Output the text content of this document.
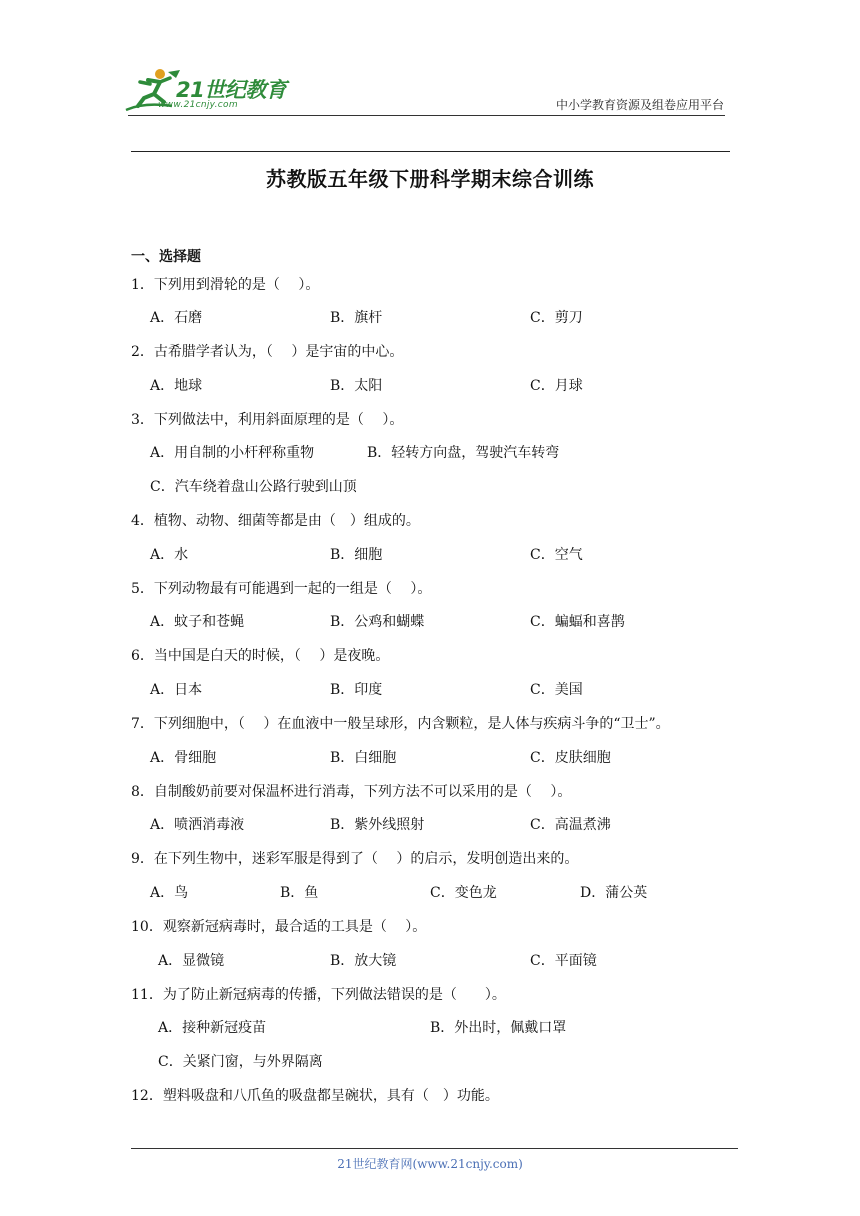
21世纪教育
www.21cnjy.com	中小学教育资源及组卷应用平台
苏教版五年级下册科学期末综合训练
一、选择题
1．下列用到滑轮的是（　 ）。
A．石磨	B．旗杆	C．剪刀
2．古希腊学者认为，（　 ）是宇宙的中心。
A．地球	B．太阳	C．月球
3．下列做法中，利用斜面原理的是（　 ）。
A．用自制的小杆秤称重物	B．轻转方向盘，驾驶汽车转弯
C．汽车绕着盘山公路行驶到山顶
4．植物、动物、细菌等都是由（　）组成的。
A．水	B．细胞	C．空气
5．下列动物最有可能遇到一起的一组是（　 ）。
A．蚊子和苍蝇	B．公鸡和蝴蝶	C．蝙蝠和喜鹊
6．当中国是白天的时候，（　 ）是夜晚。
A．日本	B．印度	C．美国
7．下列细胞中，（　 ）在血液中一般呈球形，内含颗粒，是人体与疾病斗争的“卫士”。
A．骨细胞	B．白细胞	C．皮肤细胞
8．自制酸奶前要对保温杯进行消毒，下列方法不可以采用的是（　 ）。
A．喷洒消毒液	B．紫外线照射	C．高温煮沸
9．在下列生物中，迷彩军服是得到了（　 ）的启示，发明创造出来的。
A．鸟	B．鱼	C．变色龙	D．蒲公英
10．观察新冠病毒时，最合适的工具是（　 ）。
A．显微镜	B．放大镜	C．平面镜
11．为了防止新冠病毒的传播，下列做法错误的是（　　）。
A．接种新冠疫苗	B．外出时，佩戴口罩
C．关紧门窗，与外界隔离
12．塑料吸盘和八爪鱼的吸盘都呈碗状，具有（　）功能。
21世纪教育网(www.21cnjy.com)
